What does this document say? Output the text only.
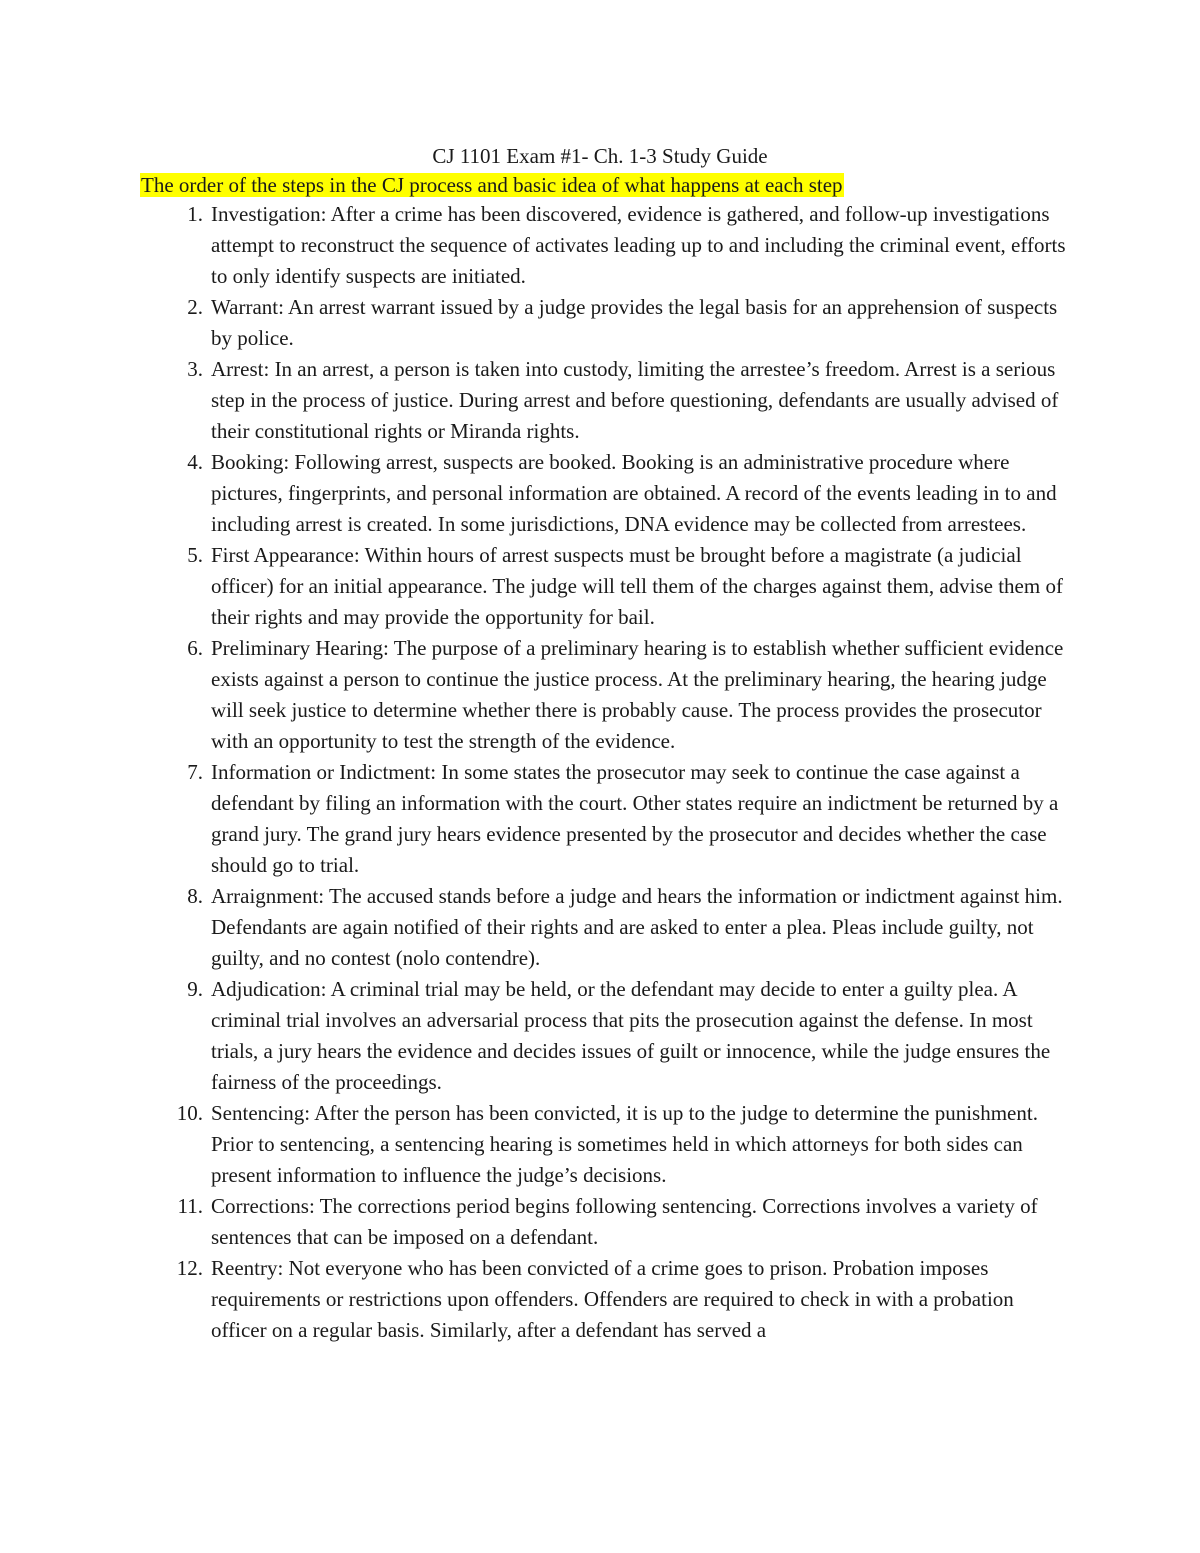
CJ 1101 Exam #1- Ch. 1-3 Study Guide
The order of the steps in the CJ process and basic idea of what happens at each step
1. Investigation: After a crime has been discovered, evidence is gathered, and follow-up investigations attempt to reconstruct the sequence of activates leading up to and including the criminal event, efforts to only identify suspects are initiated.
2. Warrant: An arrest warrant issued by a judge provides the legal basis for an apprehension of suspects by police.
3. Arrest: In an arrest, a person is taken into custody, limiting the arrestee’s freedom. Arrest is a serious step in the process of justice. During arrest and before questioning, defendants are usually advised of their constitutional rights or Miranda rights.
4. Booking: Following arrest, suspects are booked. Booking is an administrative procedure where pictures, fingerprints, and personal information are obtained. A record of the events leading in to and including arrest is created. In some jurisdictions, DNA evidence may be collected from arrestees.
5. First Appearance: Within hours of arrest suspects must be brought before a magistrate (a judicial officer) for an initial appearance. The judge will tell them of the charges against them, advise them of their rights and may provide the opportunity for bail.
6. Preliminary Hearing: The purpose of a preliminary hearing is to establish whether sufficient evidence exists against a person to continue the justice process. At the preliminary hearing, the hearing judge will seek justice to determine whether there is probably cause. The process provides the prosecutor with an opportunity to test the strength of the evidence.
7. Information or Indictment: In some states the prosecutor may seek to continue the case against a defendant by filing an information with the court. Other states require an indictment be returned by a grand jury. The grand jury hears evidence presented by the prosecutor and decides whether the case should go to trial.
8. Arraignment: The accused stands before a judge and hears the information or indictment against him. Defendants are again notified of their rights and are asked to enter a plea. Pleas include guilty, not guilty, and no contest (nolo contendre).
9. Adjudication: A criminal trial may be held, or the defendant may decide to enter a guilty plea. A criminal trial involves an adversarial process that pits the prosecution against the defense. In most trials, a jury hears the evidence and decides issues of guilt or innocence, while the judge ensures the fairness of the proceedings.
10. Sentencing: After the person has been convicted, it is up to the judge to determine the punishment. Prior to sentencing, a sentencing hearing is sometimes held in which attorneys for both sides can present information to influence the judge’s decisions.
11. Corrections: The corrections period begins following sentencing. Corrections involves a variety of sentences that can be imposed on a defendant.
12. Reentry: Not everyone who has been convicted of a crime goes to prison. Probation imposes requirements or restrictions upon offenders. Offenders are required to check in with a probation officer on a regular basis. Similarly, after a defendant has served a
